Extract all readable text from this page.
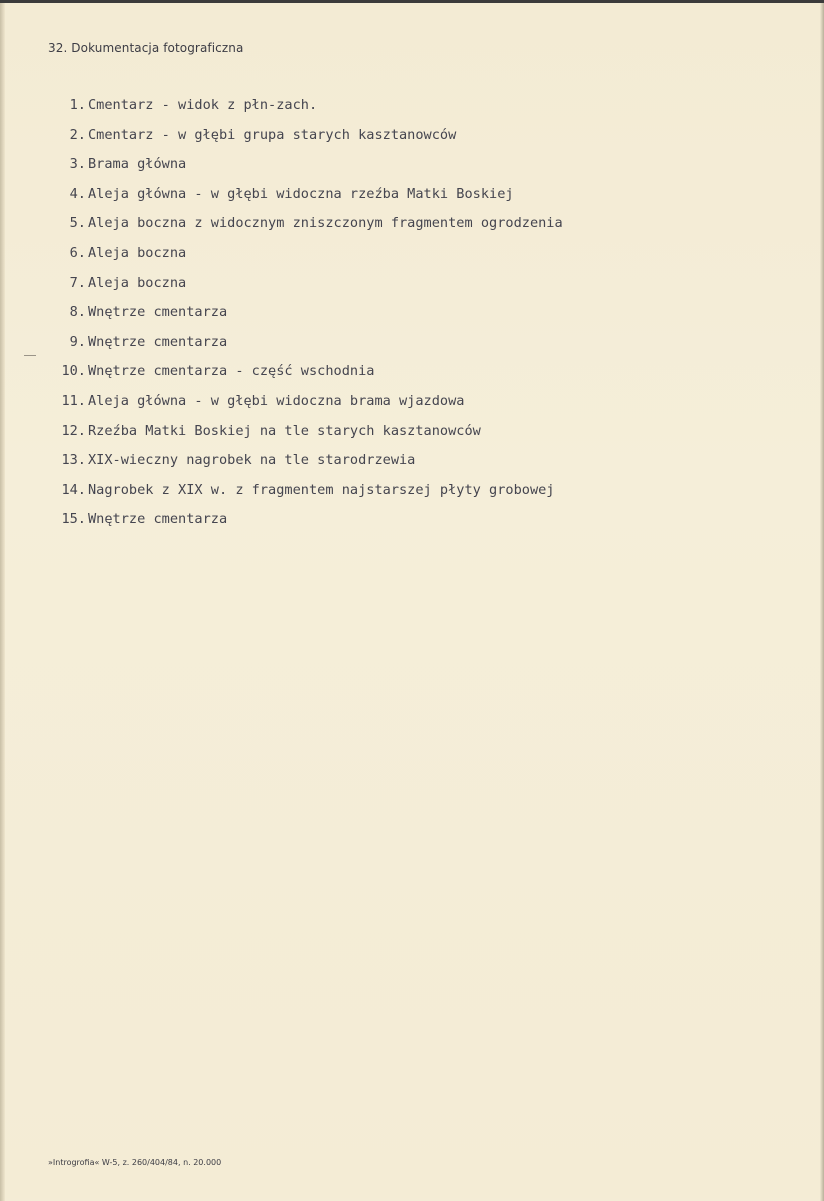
32. Dokumentacja fotograficzna
1. Cmentarz - widok z płn-zach.
2. Cmentarz - w głębi grupa starych kasztanowców
3. Brama główna
4. Aleja główna - w głębi widoczna rzeźba Matki Boskiej
5. Aleja boczna z widocznym zniszczonym fragmentem ogrodzenia
6. Aleja boczna
7. Aleja boczna
8. Wnętrze cmentarza
9. Wnętrze cmentarza
10. Wnętrze cmentarza - część wschodnia
11. Aleja główna - w głębi widoczna brama wjazdowa
12. Rzeźba Matki Boskiej na tle starych kasztanowców
13. XIX-wieczny nagrobek na tle starodrzewia
14. Nagrobek z XIX w. z fragmentem najstarszej płyty grobowej
15. Wnętrze cmentarza
»Introgrofia« W-5, z. 260/404/84, n. 20.000
